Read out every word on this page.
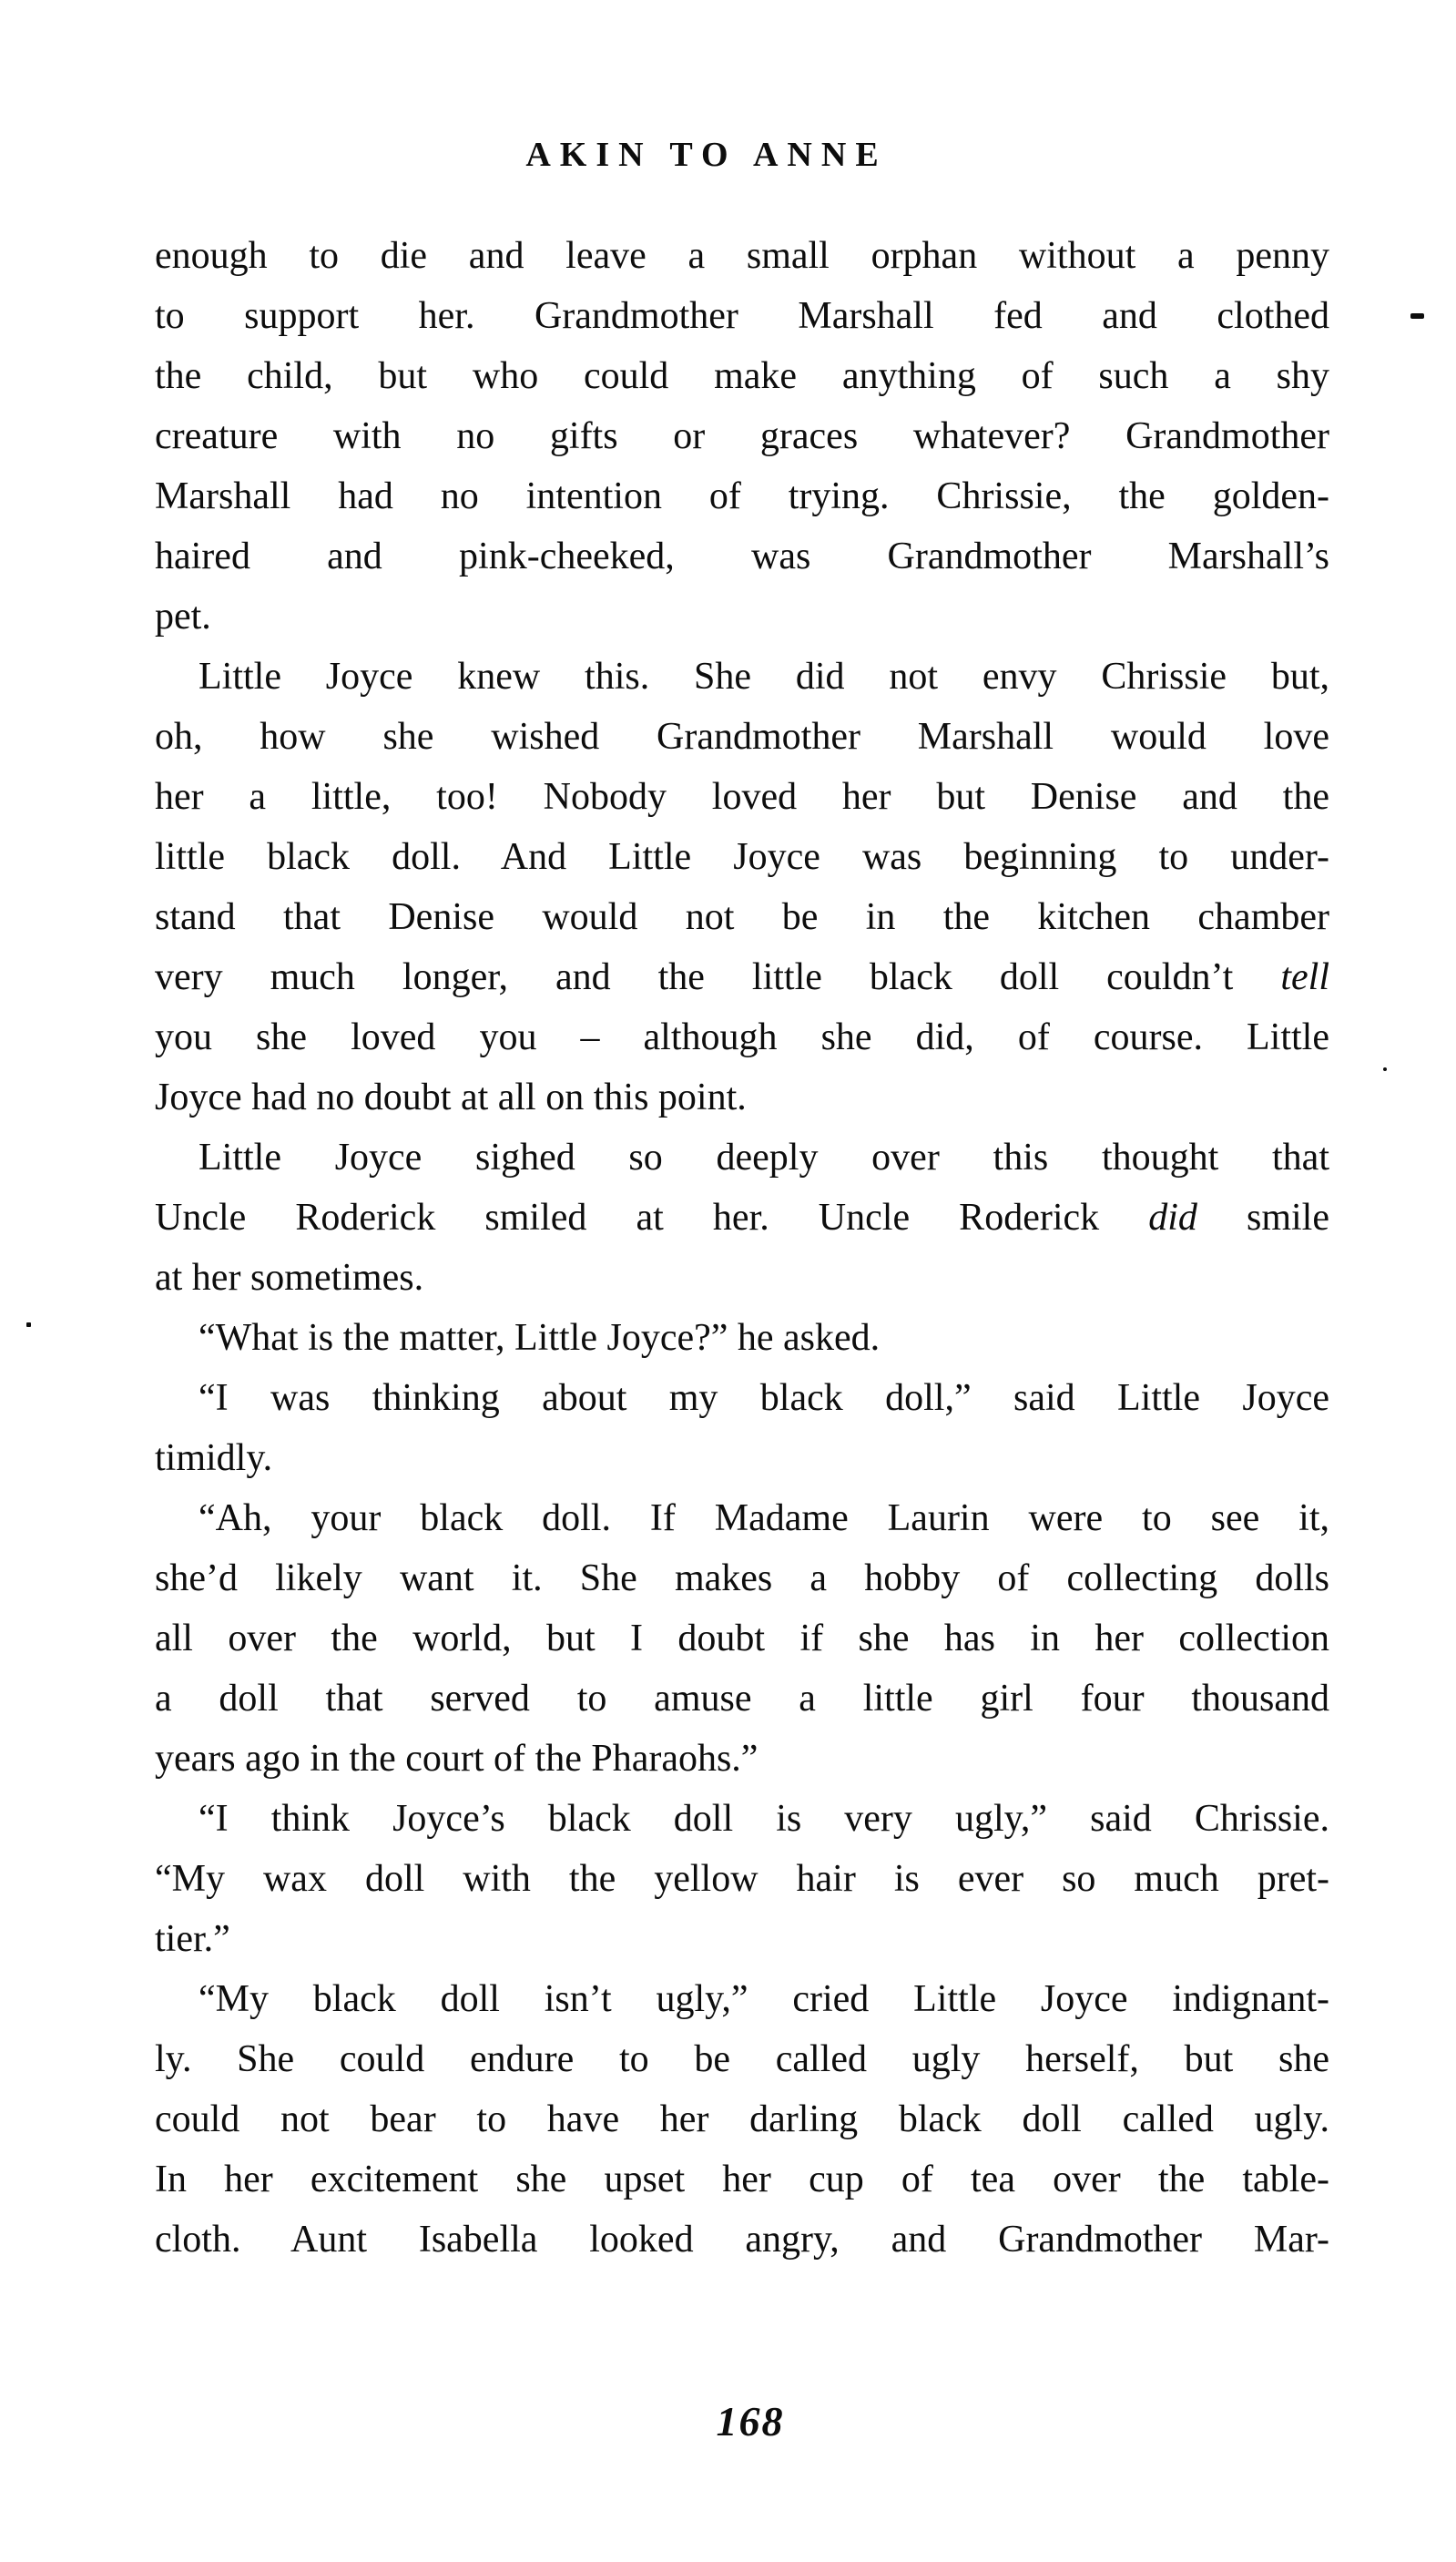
AKIN TO ANNE
enough to die and leave a small orphan without a penny
to support her. Grandmother Marshall fed and clothed
the child, but who could make anything of such a shy
creature with no gifts or graces whatever? Grandmother
Marshall had no intention of trying. Chrissie, the golden-
haired and pink-cheeked, was Grandmother Marshall’s
pet.
Little Joyce knew this. She did not envy Chrissie but,
oh, how she wished Grandmother Marshall would love
her a little, too! Nobody loved her but Denise and the
little black doll. And Little Joyce was beginning to under-
stand that Denise would not be in the kitchen chamber
very much longer, and the little black doll couldn’t tell
you she loved you – although she did, of course. Little
Joyce had no doubt at all on this point.
Little Joyce sighed so deeply over this thought that
Uncle Roderick smiled at her. Uncle Roderick did smile
at her sometimes.
“What is the matter, Little Joyce?” he asked.
“I was thinking about my black doll,” said Little Joyce
timidly.
“Ah, your black doll. If Madame Laurin were to see it,
she’d likely want it. She makes a hobby of collecting dolls
all over the world, but I doubt if she has in her collection
a doll that served to amuse a little girl four thousand
years ago in the court of the Pharaohs.”
“I think Joyce’s black doll is very ugly,” said Chrissie.
“My wax doll with the yellow hair is ever so much pret-
tier.”
“My black doll isn’t ugly,” cried Little Joyce indignant-
ly. She could endure to be called ugly herself, but she
could not bear to have her darling black doll called ugly.
In her excitement she upset her cup of tea over the table-
cloth. Aunt Isabella looked angry, and Grandmother Mar-
168
